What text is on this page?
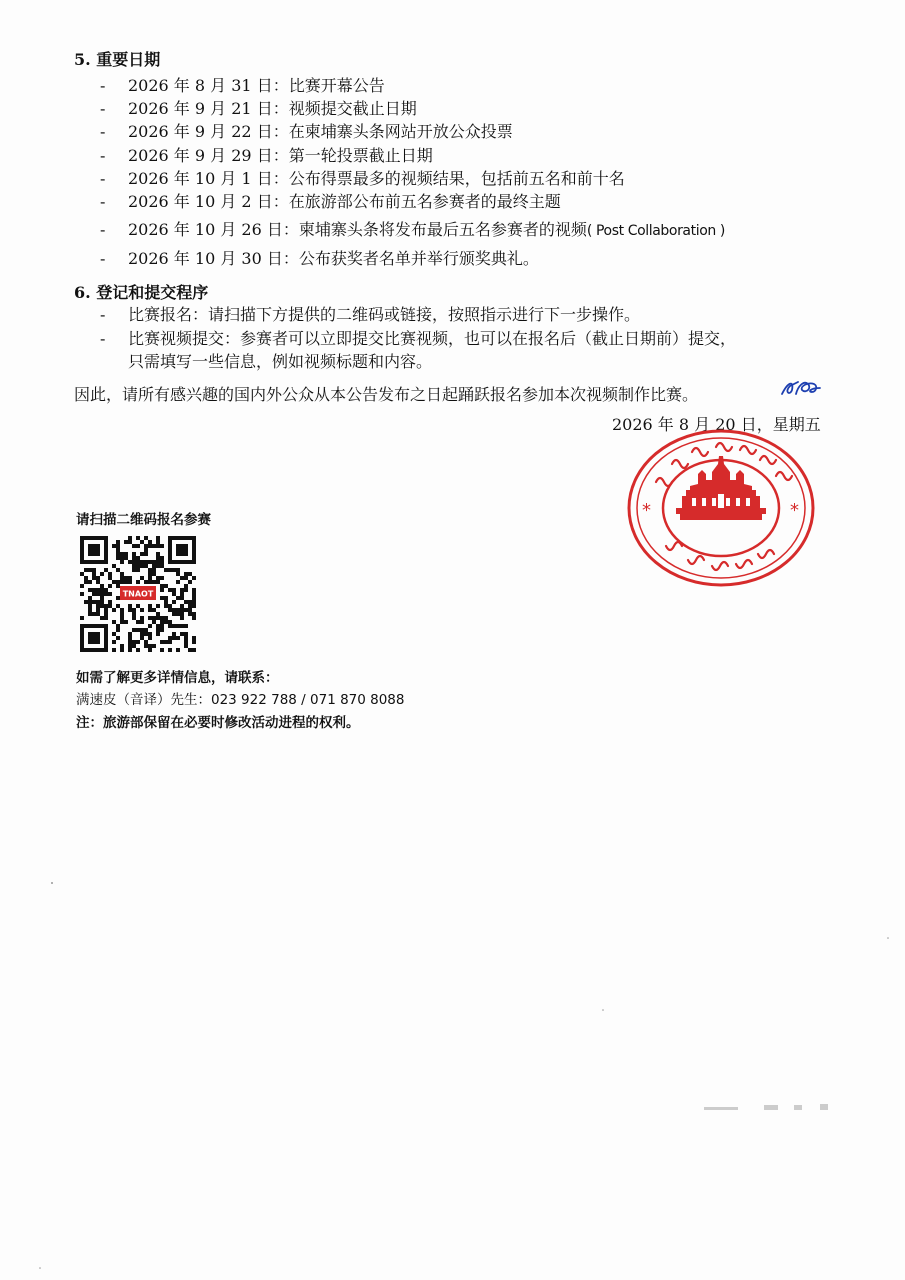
5. 重要日期
- 2026 年 8 月 31 日：比赛开幕公告
- 2026 年 9 月 21 日：视频提交截止日期
- 2026 年 9 月 22 日：在柬埔寨头条网站开放公众投票
- 2026 年 9 月 29 日：第一轮投票截止日期
- 2026 年 10 月 1 日：公布得票最多的视频结果，包括前五名和前十名
- 2026 年 10 月 2 日：在旅游部公布前五名参赛者的最终主题
- 2026 年 10 月 26 日：柬埔寨头条将发布最后五名参赛者的视频( Post Collaboration )
- 2026 年 10 月 30 日：公布获奖者名单并举行颁奖典礼。
6. 登记和提交程序
- 比赛报名：请扫描下方提供的二维码或链接，按照指示进行下一步操作。
- 比赛视频提交：参赛者可以立即提交比赛视频，也可以在报名后（截止日期前）提交，
只需填写一些信息，例如视频标题和内容。
因此，请所有感兴趣的国内外公众从本公告发布之日起踊跃报名参加本次视频制作比赛。
2026 年 8 月 20 日，星期五
*	*
请扫描二维码报名参赛
TNAOT
如需了解更多详情信息，请联系：
满速皮（音译）先生：023 922 788 / 071 870 8088
注：旅游部保留在必要时修改活动进程的权利。
